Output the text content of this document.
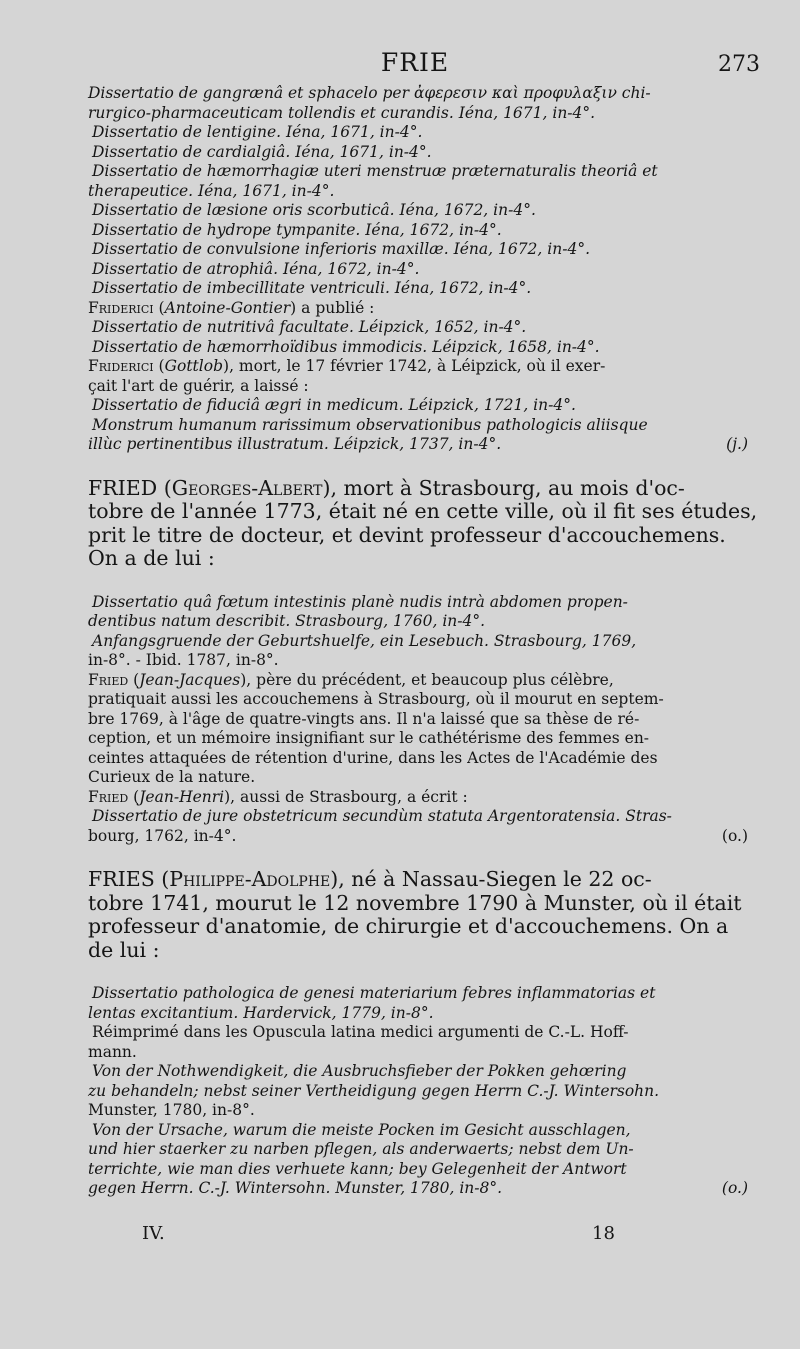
FRIE	273
Dissertatio de gangrænâ et sphacelo per ἀφερεσιν καὶ προφυλαξιν chi-
rurgico-pharmaceuticam tollendis et curandis. Iéna, 1671, in-4°.
Dissertatio de lentigine. Iéna, 1671, in-4°.
Dissertatio de cardialgiâ. Iéna, 1671, in-4°.
Dissertatio de hæmorrhagiæ uteri menstruæ præternaturalis theoriâ et
therapeutice. Iéna, 1671, in-4°.
Dissertatio de læsione oris scorbuticâ. Iéna, 1672, in-4°.
Dissertatio de hydrope tympanite. Iéna, 1672, in-4°.
Dissertatio de convulsione inferioris maxillæ. Iéna, 1672, in-4°.
Dissertatio de atrophiâ. Iéna, 1672, in-4°.
Dissertatio de imbecillitate ventriculi. Iéna, 1672, in-4°.
Friderici (Antoine-Gontier) a publié :
Dissertatio de nutritivâ facultate. Léipzick, 1652, in-4°.
Dissertatio de hæmorrhoïdibus immodicis. Léipzick, 1658, in-4°.
Friderici (Gottlob), mort, le 17 février 1742, à Léipzick, où il exer-
çait l'art de guérir, a laissé :
Dissertatio de fiduciâ ægri in medicum. Léipzick, 1721, in-4°.
Monstrum humanum rarissimum observationibus pathologicis aliisque
illùc pertinentibus illustratum. Léipzick, 1737, in-4°.	(j.)
FRIED (Georges-Albert), mort à Strasbourg, au mois d'oc-
tobre de l'année 1773, était né en cette ville, où il fit ses études,
prit le titre de docteur, et devint professeur d'accouchemens.
On a de lui :
Dissertatio quâ fœtum intestinis planè nudis intrà abdomen propen-
dentibus natum describit. Strasbourg, 1760, in-4°.
Anfangsgruende der Geburtshuelfe, ein Lesebuch. Strasbourg, 1769,
in-8°. - Ibid. 1787, in-8°.
Fried (Jean-Jacques), père du précédent, et beaucoup plus célèbre,
pratiquait aussi les accouchemens à Strasbourg, où il mourut en septem-
bre 1769, à l'âge de quatre-vingts ans. Il n'a laissé que sa thèse de ré-
ception, et un mémoire insignifiant sur le cathétérisme des femmes en-
ceintes attaquées de rétention d'urine, dans les Actes de l'Académie des
Curieux de la nature.
Fried (Jean-Henri), aussi de Strasbourg, a écrit :
Dissertatio de jure obstetricum secundùm statuta Argentoratensia. Stras-
bourg, 1762, in-4°.	(o.)
FRIES (Philippe-Adolphe), né à Nassau-Siegen le 22 oc-
tobre 1741, mourut le 12 novembre 1790 à Munster, où il était
professeur d'anatomie, de chirurgie et d'accouchemens. On a
de lui :
Dissertatio pathologica de genesi materiarium febres inflammatorias et
lentas excitantium. Hardervick, 1779, in-8°.
Réimprimé dans les Opuscula latina medici argumenti de C.-L. Hoff-
mann.
Von der Nothwendigkeit, die Ausbruchsfieber der Pokken gehœring
zu behandeln; nebst seiner Vertheidigung gegen Herrn C.-J. Wintersohn.
Munster, 1780, in-8°.
Von der Ursache, warum die meiste Pocken im Gesicht ausschlagen,
und hier staerker zu narben pflegen, als anderwaerts; nebst dem Un-
terrichte, wie man dies verhuete kann; bey Gelegenheit der Antwort
gegen Herrn. C.-J. Wintersohn. Munster, 1780, in-8°.	(o.)
IV.	18
